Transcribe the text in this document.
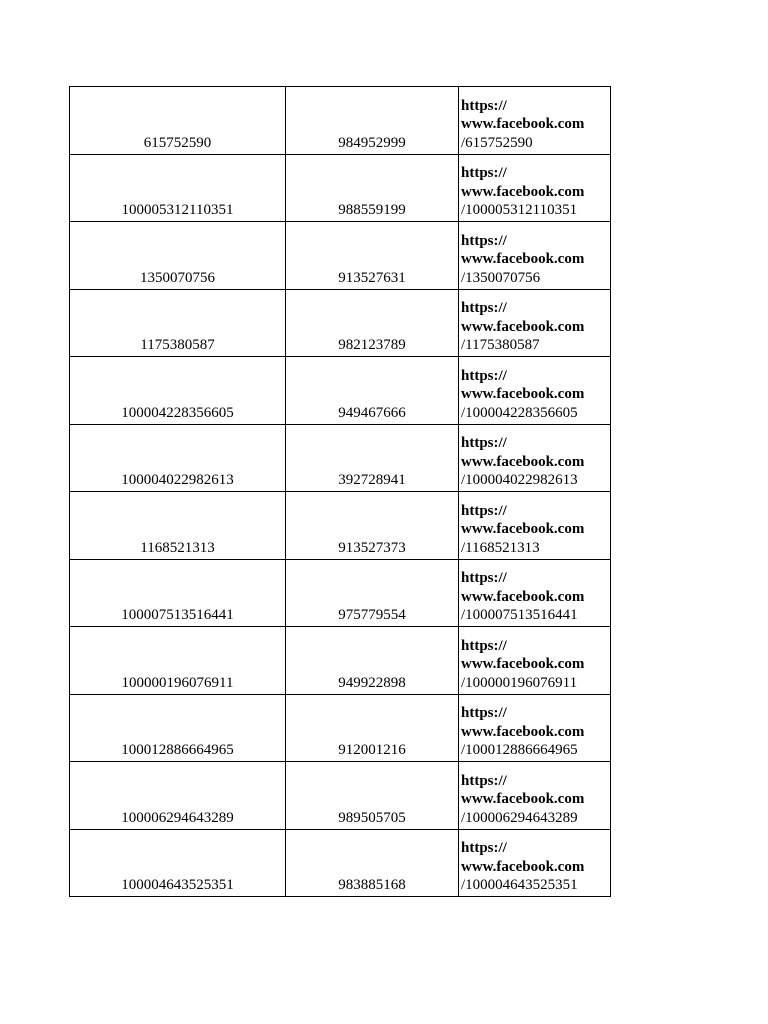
615752590	984952999	https://
www.facebook.com
/615752590

100005312110351	988559199	https://
www.facebook.com
/100005312110351

1350070756	913527631	https://
www.facebook.com
/1350070756

1175380587	982123789	https://
www.facebook.com
/1175380587

100004228356605	949467666	https://
www.facebook.com
/100004228356605

100004022982613	392728941	https://
www.facebook.com
/100004022982613

1168521313	913527373	https://
www.facebook.com
/1168521313

100007513516441	975779554	https://
www.facebook.com
/100007513516441

100000196076911	949922898	https://
www.facebook.com
/100000196076911

100012886664965	912001216	https://
www.facebook.com
/100012886664965

100006294643289	989505705	https://
www.facebook.com
/100006294643289

100004643525351	983885168	https://
www.facebook.com
/100004643525351
